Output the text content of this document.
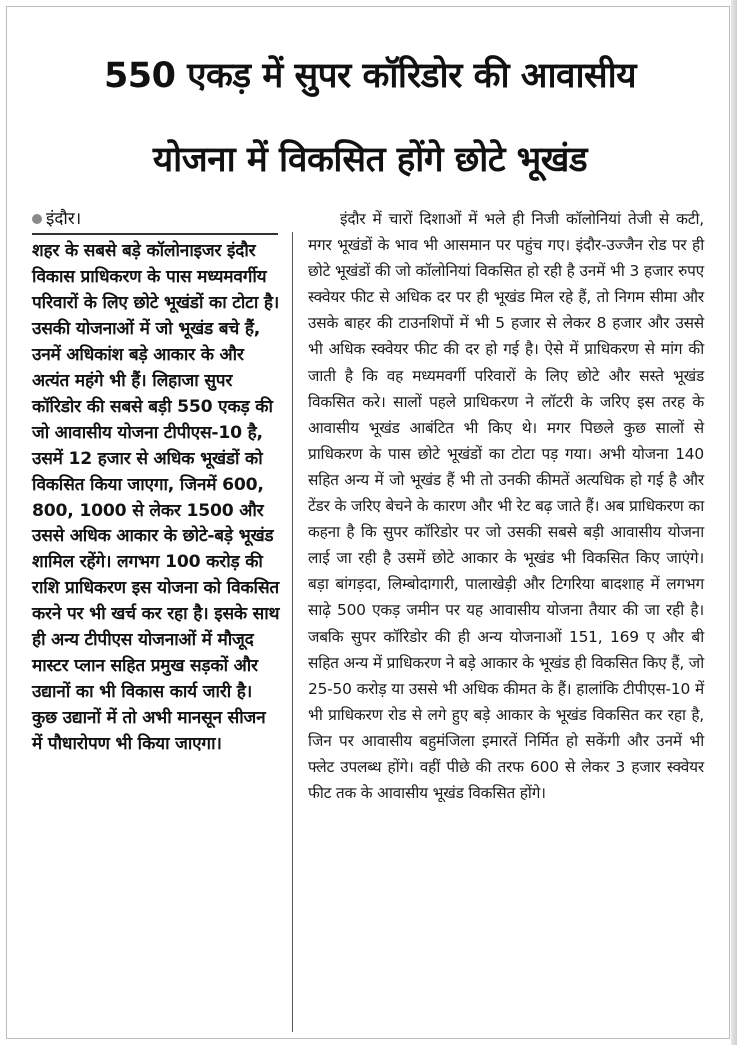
550 एकड़ में सुपर कॉरिडोर की आवासीय
योजना में विकसित होंगे छोटे भूखंड
इंदौर।

शहर के सबसे बड़े कॉलोनाइजर इंदौर विकास प्राधिकरण के पास मध्यमवर्गीय परिवारों के लिए छोटे भूखंडों का टोटा है। उसकी योजनाओं में जो भूखंड बचे हैं, उनमें अधिकांश बड़े आकार के और अत्यंत महंगे भी हैं। लिहाजा सुपर कॉरिडोर की सबसे बड़ी 550 एकड़ की जो आवासीय योजना टीपीएस-10 है, उसमें 12 हजार से अधिक भूखंडों को विकसित किया जाएगा, जिनमें 600, 800, 1000 से लेकर 1500 और उससे अधिक आकार के छोटे-बड़े भूखंड शामिल रहेंगे। लगभग 100 करोड़ की राशि प्राधिकरण इस योजना को विकसित करने पर भी खर्च कर रहा है। इसके साथ ही अन्य टीपीएस योजनाओं में मौजूद मास्टर प्लान सहित प्रमुख सड़कों और उद्यानों का भी विकास कार्य जारी है। कुछ उद्यानों में तो अभी मानसून सीजन में पौधारोपण भी किया जाएगा।

इंदौर में चारों दिशाओं में भले ही निजी कॉलोनियां तेजी से कटी, मगर भूखंडों के भाव भी आसमान पर पहुंच गए। इंदौर-उज्जैन रोड पर ही छोटे भूखंडों की जो कॉलोनियां विकसित हो रही है उनमें भी 3 हजार रुपए स्क्वेयर फीट से अधिक दर पर ही भूखंड मिल रहे हैं, तो निगम सीमा और उसके बाहर की टाउनशिपों में भी 5 हजार से लेकर 8 हजार और उससे भी अधिक स्क्वेयर फीट की दर हो गई है। ऐसे में प्राधिकरण से मांग की जाती है कि वह मध्यमवर्गी परिवारों के लिए छोटे और सस्ते भूखंड विकसित करे। सालों पहले प्राधिकरण ने लॉटरी के जरिए इस तरह के आवासीय भूखंड आबंटित भी किए थे। मगर पिछले कुछ सालों से प्राधिकरण के पास छोटे भूखंडों का टोटा पड़ गया। अभी योजना 140 सहित अन्य में जो भूखंड हैं भी तो उनकी कीमतें अत्यधिक हो गई है और टेंडर के जरिए बेचने के कारण और भी रेट बढ़ जाते हैं। अब प्राधिकरण का कहना है कि सुपर कॉरिडोर पर जो उसकी सबसे बड़ी आवासीय योजना लाई जा रही है उसमें छोटे आकार के भूखंड भी विकसित किए जाएंगे। बड़ा बांगड़दा, लिम्बोदागारी, पालाखेड़ी और टिगरिया बादशाह में लगभग साढ़े 500 एकड़ जमीन पर यह आवासीय योजना तैयार की जा रही है। जबकि सुपर कॉरिडोर की ही अन्य योजनाओं 151, 169 ए और बी सहित अन्य में प्राधिकरण ने बड़े आकार के भूखंड ही विकसित किए हैं, जो 25-50 करोड़ या उससे भी अधिक कीमत के हैं। हालांकि टीपीएस-10 में भी प्राधिकरण रोड से लगे हुए बड़े आकार के भूखंड विकसित कर रहा है, जिन पर आवासीय बहुमंजिला इमारतें निर्मित हो सकेंगी और उनमें भी फ्लेट उपलब्ध होंगे। वहीं पीछे की तरफ 600 से लेकर 3 हजार स्क्वेयर फीट तक के आवासीय भूखंड विकसित होंगे।
